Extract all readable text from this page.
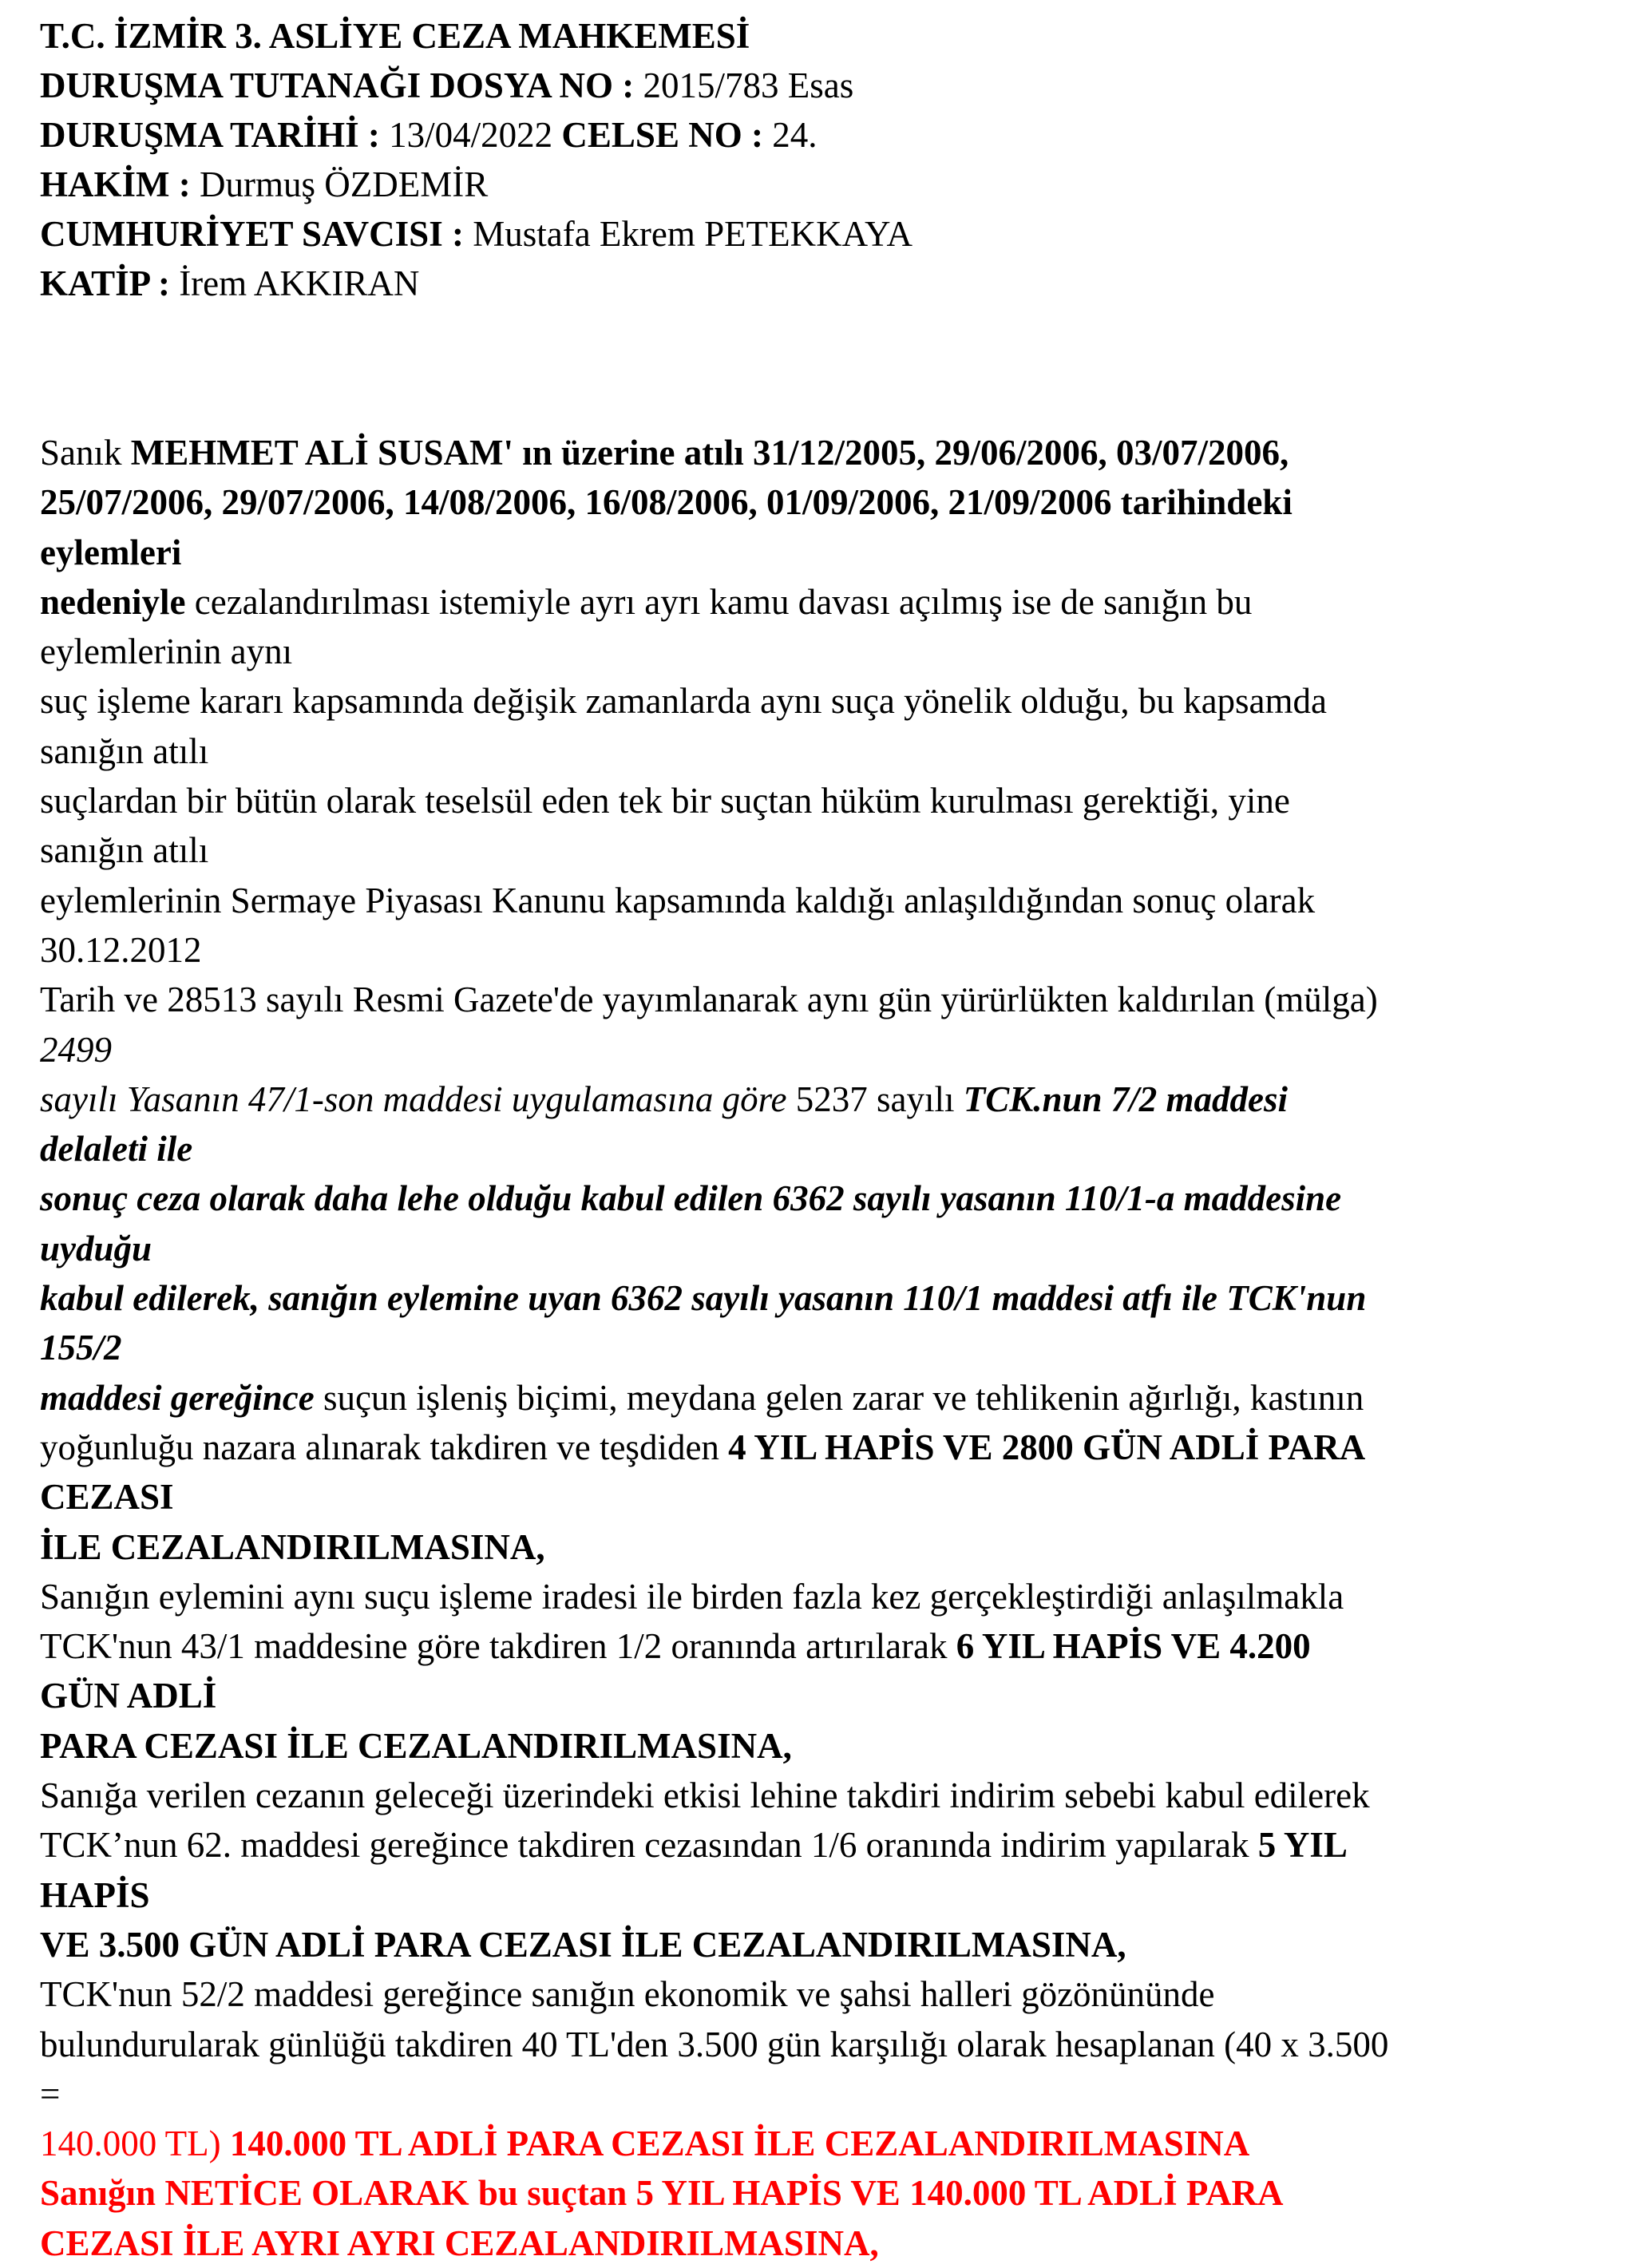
T.C. İZMİR 3. ASLİYE CEZA MAHKEMESİ
DURUŞMA TUTANAĞI DOSYA NO : 2015/783 Esas
DURUŞMA TARİHİ : 13/04/2022 CELSE NO : 24.
HAKİM : Durmuş ÖZDEMİR
CUMHURİYET SAVCISI : Mustafa Ekrem PETEKKAYA
KATİP : İrem AKKIRAN
Sanık MEHMET ALİ SUSAM' ın üzerine atılı 31/12/2005, 29/06/2006, 03/07/2006,
25/07/2006, 29/07/2006, 14/08/2006, 16/08/2006, 01/09/2006, 21/09/2006 tarihindeki
eylemleri
nedeniyle cezalandırılması istemiyle ayrı ayrı kamu davası açılmış ise de sanığın bu
eylemlerinin aynı
suç işleme kararı kapsamında değişik zamanlarda aynı suça yönelik olduğu, bu kapsamda
sanığın atılı
suçlardan bir bütün olarak teselsül eden tek bir suçtan hüküm kurulması gerektiği, yine
sanığın atılı
eylemlerinin Sermaye Piyasası Kanunu kapsamında kaldığı anlaşıldığından sonuç olarak
30.12.2012
Tarih ve 28513 sayılı Resmi Gazete'de yayımlanarak aynı gün yürürlükten kaldırılan (mülga)
2499
sayılı Yasanın 47/1-son maddesi uygulamasına göre 5237 sayılı TCK.nun 7/2 maddesi
delaleti ile
sonuç ceza olarak daha lehe olduğu kabul edilen 6362 sayılı yasanın 110/1-a maddesine
uyduğu
kabul edilerek, sanığın eylemine uyan 6362 sayılı yasanın 110/1 maddesi atfı ile TCK'nun
155/2
maddesi gereğince suçun işleniş biçimi, meydana gelen zarar ve tehlikenin ağırlığı, kastının
yoğunluğu nazara alınarak takdiren ve teşdiden 4 YIL HAPİS VE 2800 GÜN ADLİ PARA
CEZASI
İLE CEZALANDIRILMASINA,
Sanığın eylemini aynı suçu işleme iradesi ile birden fazla kez gerçekleştirdiği anlaşılmakla
TCK'nun 43/1 maddesine göre takdiren 1/2 oranında artırılarak 6 YIL HAPİS VE 4.200
GÜN ADLİ
PARA CEZASI İLE CEZALANDIRILMASINA,
Sanığa verilen cezanın geleceği üzerindeki etkisi lehine takdiri indirim sebebi kabul edilerek
TCK’nun 62. maddesi gereğince takdiren cezasından 1/6 oranında indirim yapılarak 5 YIL
HAPİS
VE 3.500 GÜN ADLİ PARA CEZASI İLE CEZALANDIRILMASINA,
TCK'nun 52/2 maddesi gereğince sanığın ekonomik ve şahsi halleri gözönününde
bulundurularak günlüğü takdiren 40 TL'den 3.500 gün karşılığı olarak hesaplanan (40 x 3.500
=
140.000 TL) 140.000 TL ADLİ PARA CEZASI İLE CEZALANDIRILMASINA
Sanığın NETİCE OLARAK bu suçtan 5 YIL HAPİS VE 140.000 TL ADLİ PARA
CEZASI İLE AYRI AYRI CEZALANDIRILMASINA,
